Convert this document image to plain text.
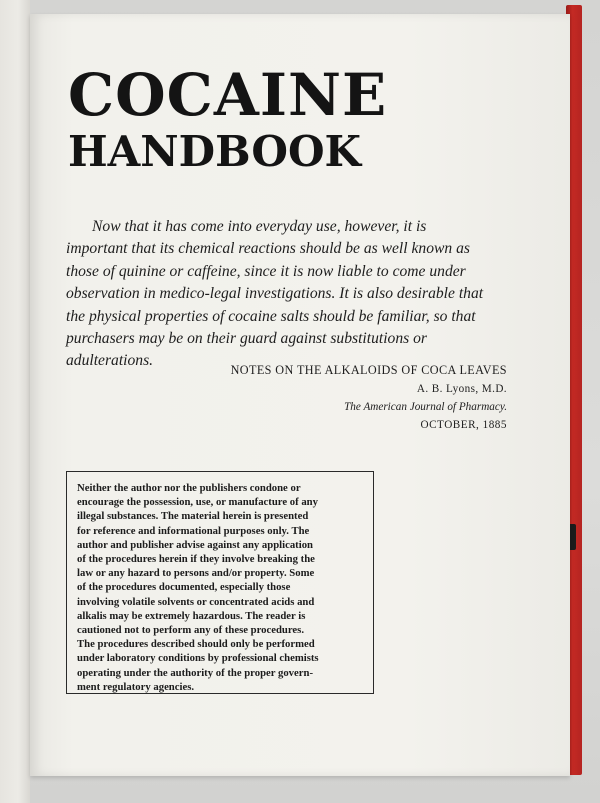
COCAINE
HANDBOOK
Now that it has come into everyday use, however, it is
important that its chemical reactions should be as well known as
those of quinine or caffeine, since it is now liable to come under
observation in medico-legal investigations. It is also desirable that
the physical properties of cocaine salts should be familiar, so that
purchasers may be on their guard against substitutions or
adulterations.
NOTES ON THE ALKALOIDS OF COCA LEAVES
A. B. Lyons, M.D.
The American Journal of Pharmacy.
OCTOBER, 1885
Neither the author nor the publishers condone or
encourage the possession, use, or manufacture of any
illegal substances. The material herein is presented
for reference and informational purposes only. The
author and publisher advise against any application
of the procedures herein if they involve breaking the
law or any hazard to persons and/or property. Some
of the procedures documented, especially those
involving volatile solvents or concentrated acids and
alkalis may be extremely hazardous. The reader is
cautioned not to perform any of these procedures.
The procedures described should only be performed
under laboratory conditions by professional chemists
operating under the authority of the proper govern-
ment regulatory agencies.
